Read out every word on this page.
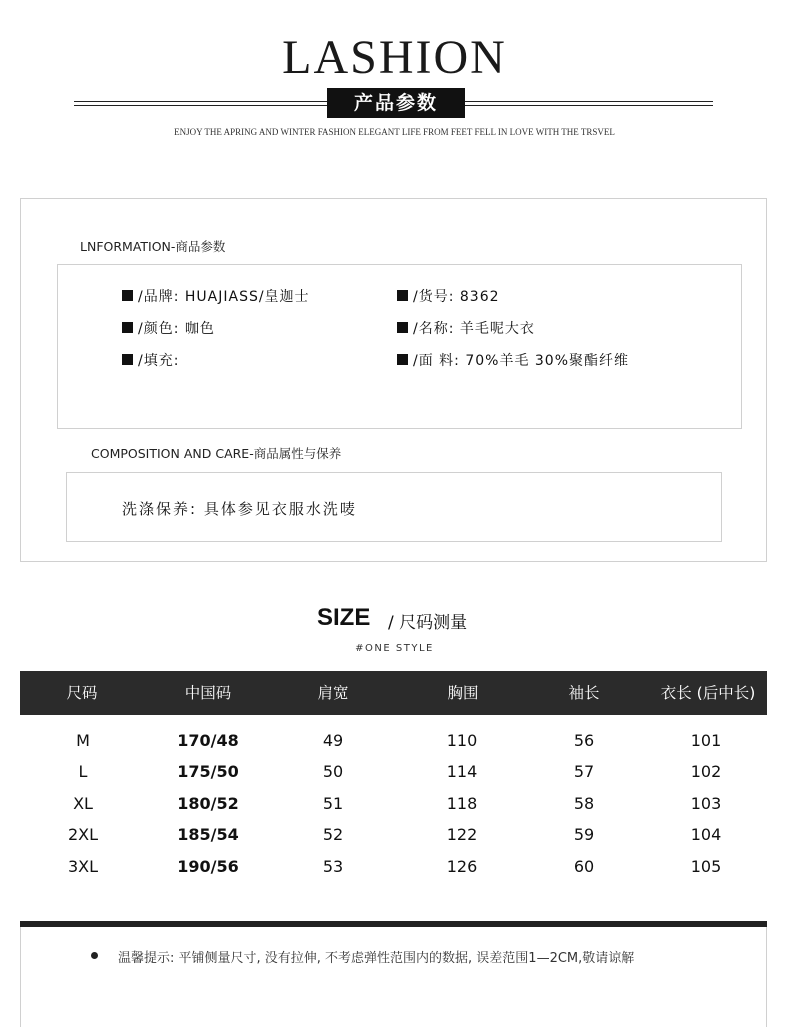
LASHION
产品参数
ENJOY THE APRING AND WINTER FASHION ELEGANT LIFE FROM FEET FELL IN LOVE WITH THE TRSVEL
LNFORMATION-商品参数
/品牌: HUAJIASS/皇迦士	/货号: 8362
/颜色: 咖色	/名称: 羊毛呢大衣
/填充:	/面 料: 70%羊毛 30%聚酯纤维
COMPOSITION AND CARE-商品属性与保养
洗涤保养: 具体参见衣服水洗唛
SIZE / 尺码测量
#ONE STYLE
尺码	中国码	肩宽	胸围	袖长	衣长 (后中长)
M	170/48	49	110	56	101
L	175/50	50	114	57	102
XL	180/52	51	118	58	103
2XL	185/54	52	122	59	104
3XL	190/56	53	126	60	105
温馨提示: 平铺侧量尺寸, 没有拉伸, 不考虑弹性范围内的数据, 误差范围1—2CM,敬请谅解
